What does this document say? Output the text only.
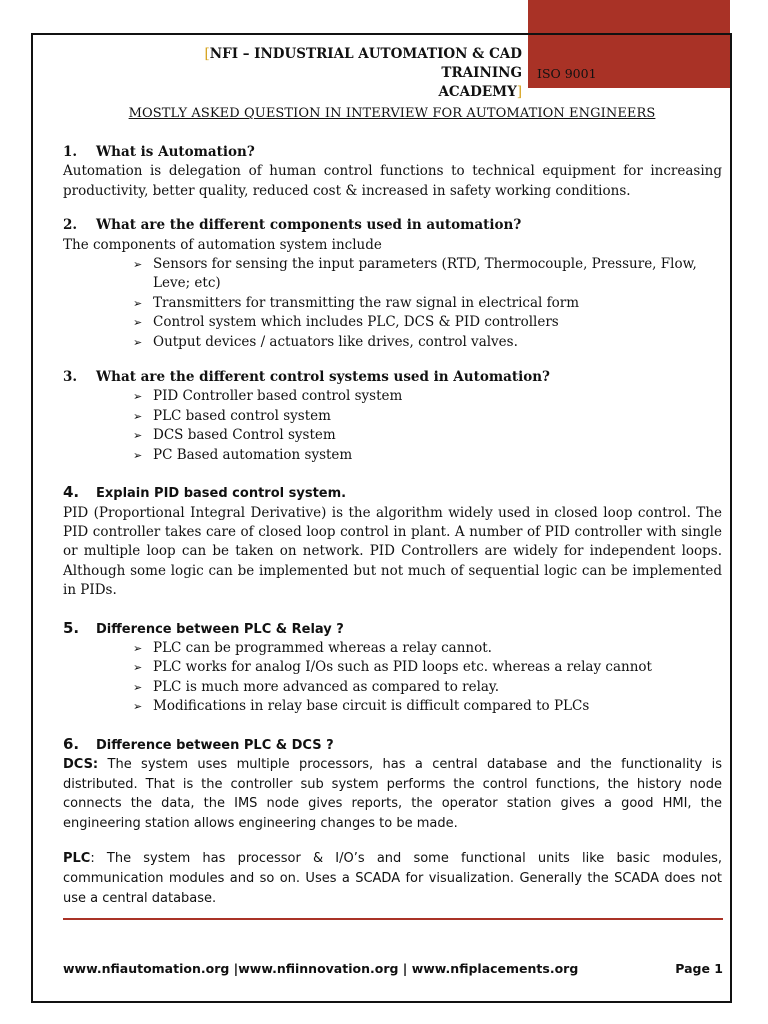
[NFI – INDUSTRIAL AUTOMATION & CAD TRAINING
ACADEMY]
ISO 9001
MOSTLY ASKED QUESTION IN INTERVIEW FOR AUTOMATION ENGINEERS
1. What is Automation?

Automation is delegation of human control functions to technical equipment for increasing productivity, better quality, reduced cost & increased in safety working conditions.

2. What are the different components used in automation?

The components of automation system include

➢ Sensors for sensing the input parameters (RTD, Thermocouple, Pressure, Flow, Leve; etc)
➢ Transmitters for transmitting the raw signal in electrical form
➢ Control system which includes PLC, DCS & PID controllers
➢ Output devices / actuators like drives, control valves.
3. What are the different control systems used in Automation?
➢ PID Controller based control system
➢ PLC based control system
➢ DCS based Control system
➢ PC Based automation system
4. Explain PID based control system.

PID (Proportional Integral Derivative) is the algorithm widely used in closed loop control. The PID controller takes care of closed loop control in plant. A number of PID controller with single or multiple loop can be taken on network. PID Controllers are widely for independent loops. Although some logic can be implemented but not much of sequential logic can be implemented in PIDs.

5. Difference between PLC & Relay ?
➢ PLC can be programmed whereas a relay cannot.
➢ PLC works for analog I/Os such as PID loops etc. whereas a relay cannot
➢ PLC is much more advanced as compared to relay.
➢ Modifications in relay base circuit is difficult compared to PLCs
6. Difference between PLC & DCS ?

DCS: The system uses multiple processors, has a central database and the functionality is distributed. That is the controller sub system performs the control functions, the history node connects the data, the IMS node gives reports, the operator station gives a good HMI, the engineering station allows engineering changes to be made.

PLC: The system has processor & I/O’s and some functional units like basic modules, communication modules and so on. Uses a SCADA for visualization. Generally the SCADA does not use a central database.

www.nfiautomation.org |www.nfiinnovation.org | www.nfiplacements.org	Page 1
